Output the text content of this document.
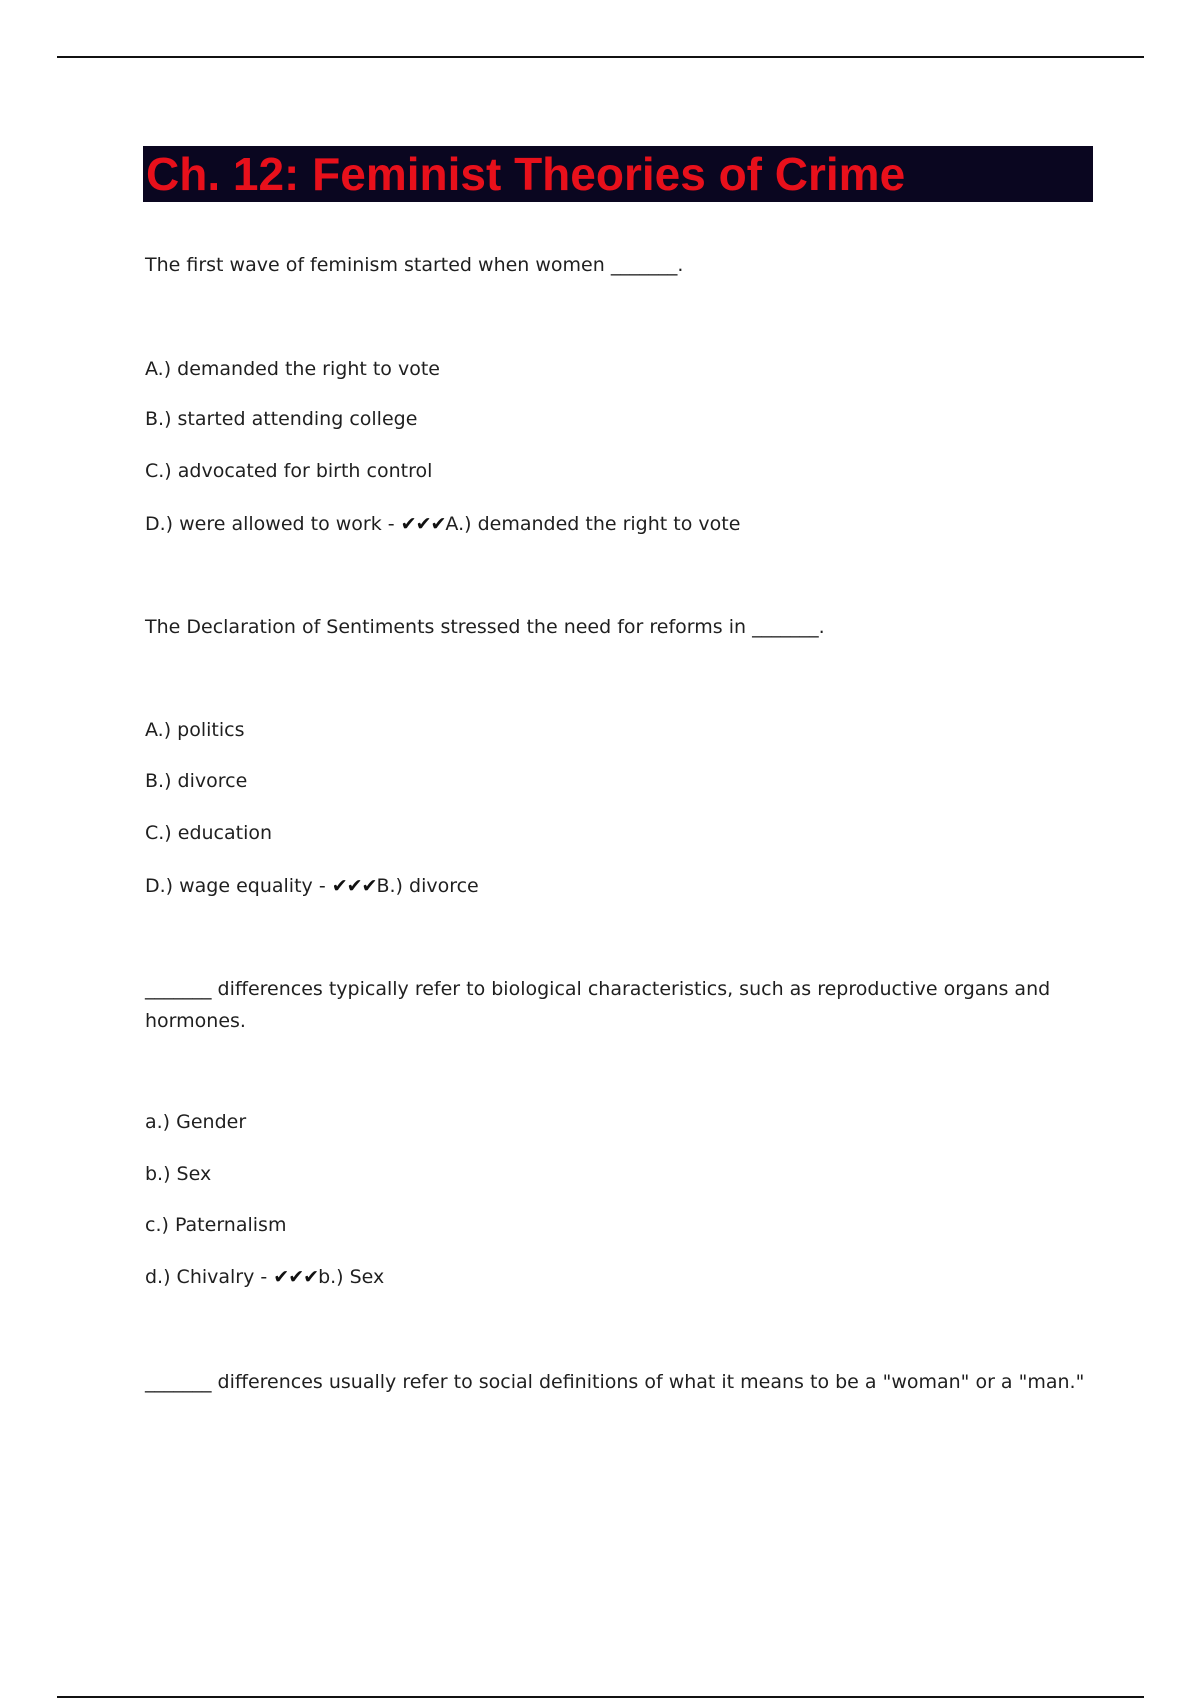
Ch. 12: Feminist Theories of Crime
The first wave of feminism started when women _______.
A.) demanded the right to vote
B.) started attending college
C.) advocated for birth control
D.) were allowed to work - ✔✔✔A.) demanded the right to vote
The Declaration of Sentiments stressed the need for reforms in _______.
A.) politics
B.) divorce
C.) education
D.) wage equality - ✔✔✔B.) divorce
_______ differences typically refer to biological characteristics, such as reproductive organs and
hormones.
a.) Gender
b.) Sex
c.) Paternalism
d.) Chivalry - ✔✔✔b.) Sex
_______ differences usually refer to social definitions of what it means to be a "woman" or a "man."
